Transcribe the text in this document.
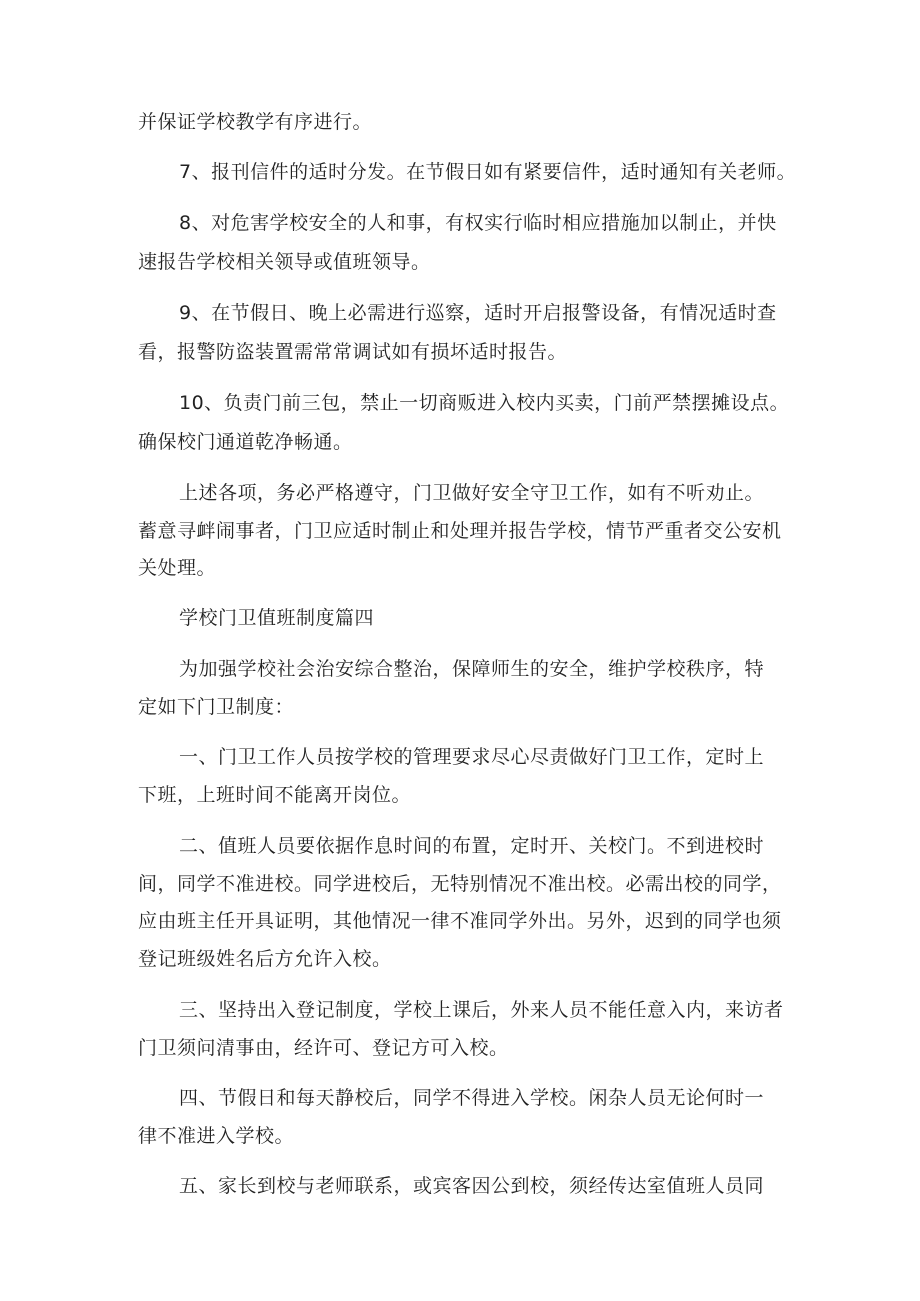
并保证学校教学有序进行。
7、报刊信件的适时分发。在节假日如有紧要信件，适时通知有关老师。
8、对危害学校安全的人和事，有权实行临时相应措施加以制止，并快
速报告学校相关领导或值班领导。
9、在节假日、晚上必需进行巡察，适时开启报警设备，有情况适时查
看，报警防盗装置需常常调试如有损坏适时报告。
10、负责门前三包，禁止一切商贩进入校内买卖，门前严禁摆摊设点。
确保校门通道乾净畅通。
上述各项，务必严格遵守，门卫做好安全守卫工作，如有不听劝止。
蓄意寻衅闹事者，门卫应适时制止和处理并报告学校，情节严重者交公安机
关处理。
学校门卫值班制度篇四
为加强学校社会治安综合整治，保障师生的安全，维护学校秩序，特
定如下门卫制度：
一、门卫工作人员按学校的管理要求尽心尽责做好门卫工作，定时上
下班，上班时间不能离开岗位。
二、值班人员要依据作息时间的布置，定时开、关校门。不到进校时
间，同学不准进校。同学进校后，无特别情况不准出校。必需出校的同学，
应由班主任开具证明，其他情况一律不准同学外出。另外，迟到的同学也须
登记班级姓名后方允许入校。
三、坚持出入登记制度，学校上课后，外来人员不能任意入内，来访者
门卫须问清事由，经许可、登记方可入校。
四、节假日和每天静校后，同学不得进入学校。闲杂人员无论何时一
律不准进入学校。
五、家长到校与老师联系，或宾客因公到校，须经传达室值班人员同
